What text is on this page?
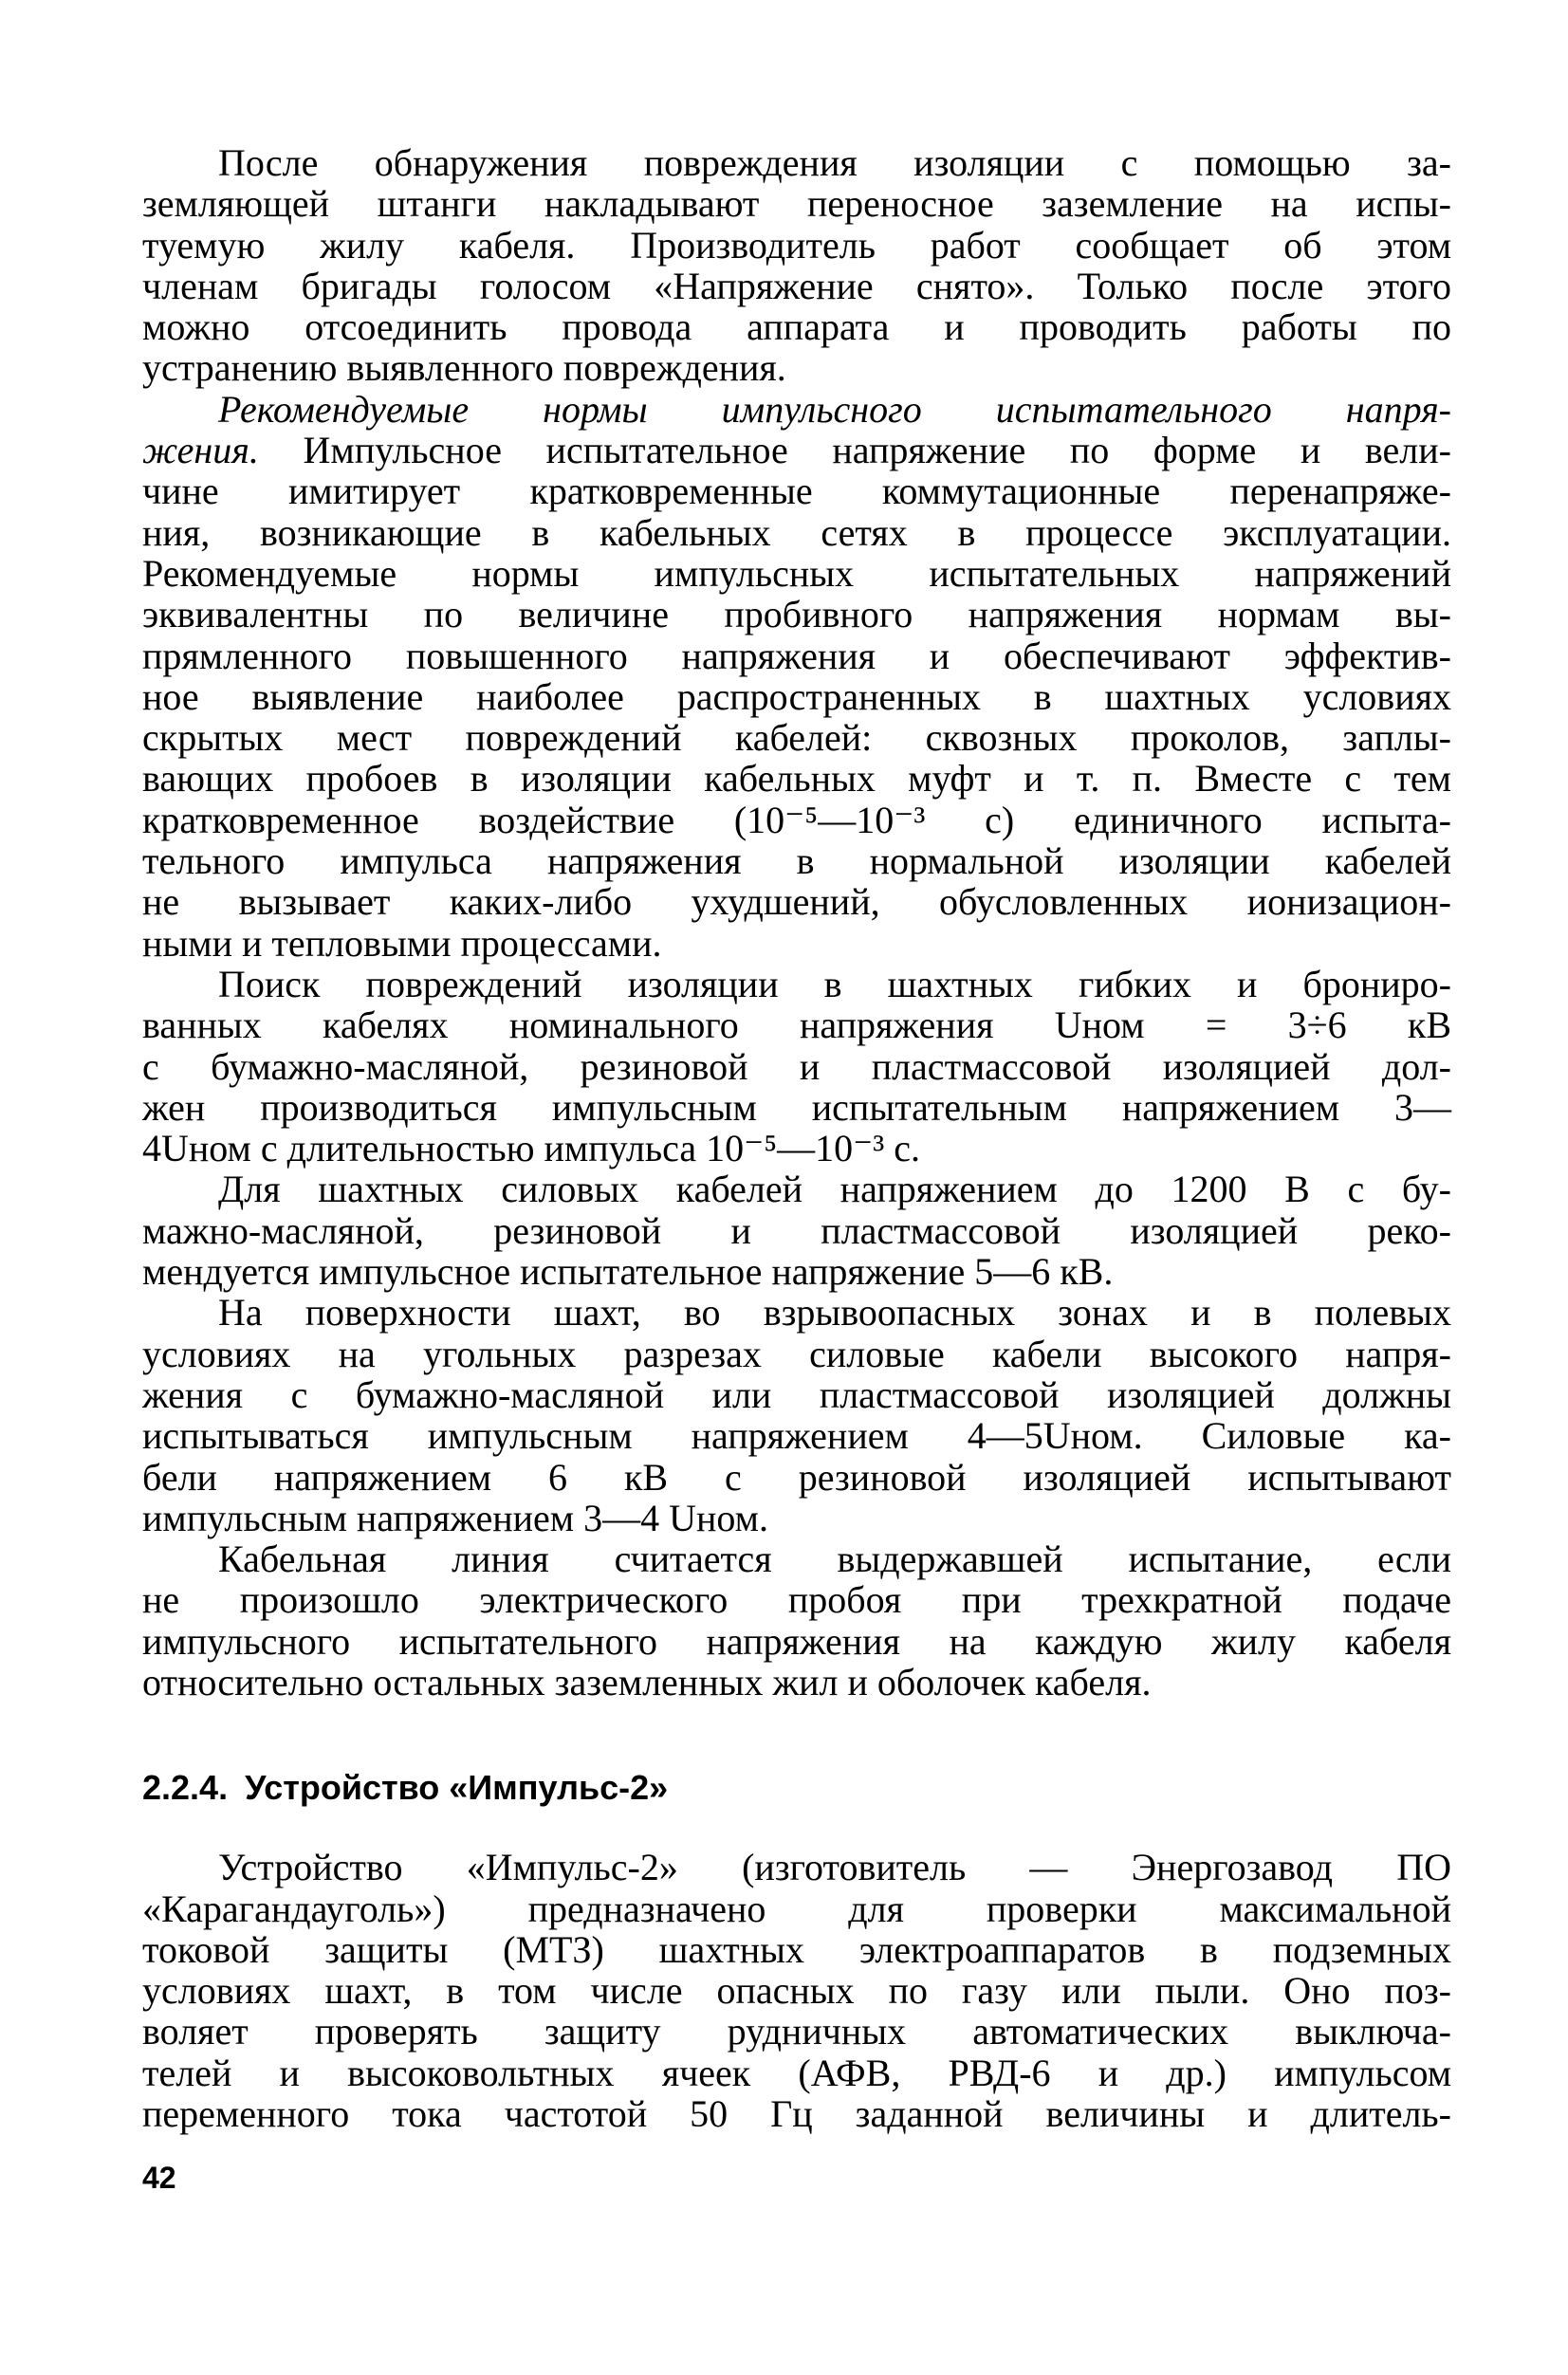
После обнаружения повреждения изоляции с помощью за-
земляющей штанги накладывают переносное заземление на испы-
туемую жилу кабеля. Производитель работ сообщает об этом
членам бригады голосом «Напряжение снято». Только после этого
можно отсоединить провода аппарата и проводить работы по
устранению выявленного повреждения.

Рекомендуемые нормы импульсного испытательного напря-
жения. Импульсное испытательное напряжение по форме и вели-
чине имитирует кратковременные коммутационные перенапряже-
ния, возникающие в кабельных сетях в процессе эксплуатации.
Рекомендуемые нормы импульсных испытательных напряжений
эквивалентны по величине пробивного напряжения нормам вы-
прямленного повышенного напряжения и обеспечивают эффектив-
ное выявление наиболее распространенных в шахтных условиях
скрытых мест повреждений кабелей: сквозных проколов, заплы-
вающих пробоев в изоляции кабельных муфт и т. п. Вместе с тем
кратковременное воздействие (10⁻⁵—10⁻³ с) единичного испыта-
тельного импульса напряжения в нормальной изоляции кабелей
не вызывает каких-либо ухудшений, обусловленных ионизацион-
ными и тепловыми процессами.

Поиск повреждений изоляции в шахтных гибких и брониро-
ванных кабелях номинального напряжения Uном = 3÷6 кВ
с бумажно-масляной, резиновой и пластмассовой изоляцией дол-
жен производиться импульсным испытательным напряжением 3—
4Uном с длительностью импульса 10⁻⁵—10⁻³ с.

Для шахтных силовых кабелей напряжением до 1200 В с бу-
мажно-масляной, резиновой и пластмассовой изоляцией реко-
мендуется импульсное испытательное напряжение 5—6 кВ.

На поверхности шахт, во взрывоопасных зонах и в полевых
условиях на угольных разрезах силовые кабели высокого напря-
жения с бумажно-масляной или пластмассовой изоляцией должны
испытываться импульсным напряжением 4—5Uном. Силовые ка-
бели напряжением 6 кВ с резиновой изоляцией испытывают
импульсным напряжением 3—4 Uном.

Кабельная линия считается выдержавшей испытание, если
не произошло электрического пробоя при трехкратной подаче
импульсного испытательного напряжения на каждую жилу кабеля
относительно остальных заземленных жил и оболочек кабеля.

2.2.4. Устройство «Импульс-2»

Устройство «Импульс-2» (изготовитель — Энергозавод ПО
«Карагандауголь») предназначено для проверки максимальной
токовой защиты (МТЗ) шахтных электроаппаратов в подземных
условиях шахт, в том числе опасных по газу или пыли. Оно поз-
воляет проверять защиту рудничных автоматических выключа-
телей и высоковольтных ячеек (АФВ, РВД-6 и др.) импульсом
переменного тока частотой 50 Гц заданной величины и длитель-

42
